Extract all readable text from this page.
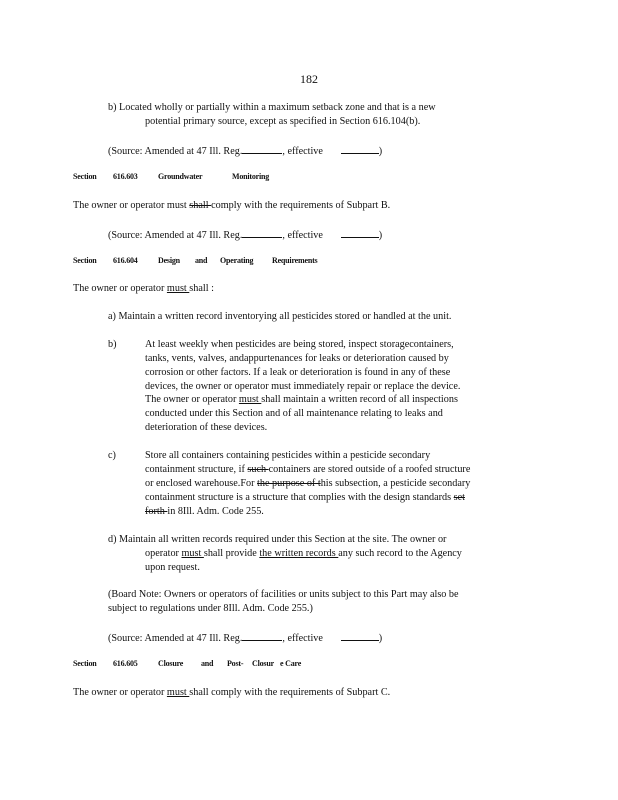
182
b) Located wholly or partially within a maximum setback zone and that is a new
potential primary source, except as specified in Section 616.104(b).
(Source: Amended at 47 Ill. Reg.	, effective	)
Section 616.603	Groundwater	Monitoring
The owner or operator must shall comply with the requirements of Subpart B.
(Source: Amended at 47 Ill. Reg.	, effective	)
Section 616.604	Design and Operating Requirements
The owner or operator must shall :
a) Maintain a written record inventorying all pesticides stored or handled at the unit.
b)	At least weekly when pesticides are being stored, inspect storagecontainers,
tanks, vents, valves, andappurtenances for leaks or deterioration caused by
corrosion or other factors. If a leak or deterioration is found in any of these
devices, the owner or operator must immediately repair or replace the device.
The owner or operator must shall maintain a written record of all inspections
conducted under this Section and of all maintenance relating to leaks and
deterioration of these devices.
c)	Store all containers containing pesticides within a pesticide secondary
containment structure, if such containers are stored outside of a roofed structure
or enclosed warehouse.For the purpose of this subsection, a pesticide secondary
containment structure is a structure that complies with the design standards set
forth in 8Ill. Adm. Code 255.
d) Maintain all written records required under this Section at the site. The owner or
operator must shall provide the written records any such record to the Agency
upon request.
(Board Note: Owners or operators of facilities or units subject to this Part may also be
subject to regulations under 8Ill. Adm. Code 255.)
(Source: Amended at 47 Ill. Reg.	, effective	)
Section 616.605	Closure and Post- Closur e Care
The owner or operator must shall comply with the requirements of Subpart C.
